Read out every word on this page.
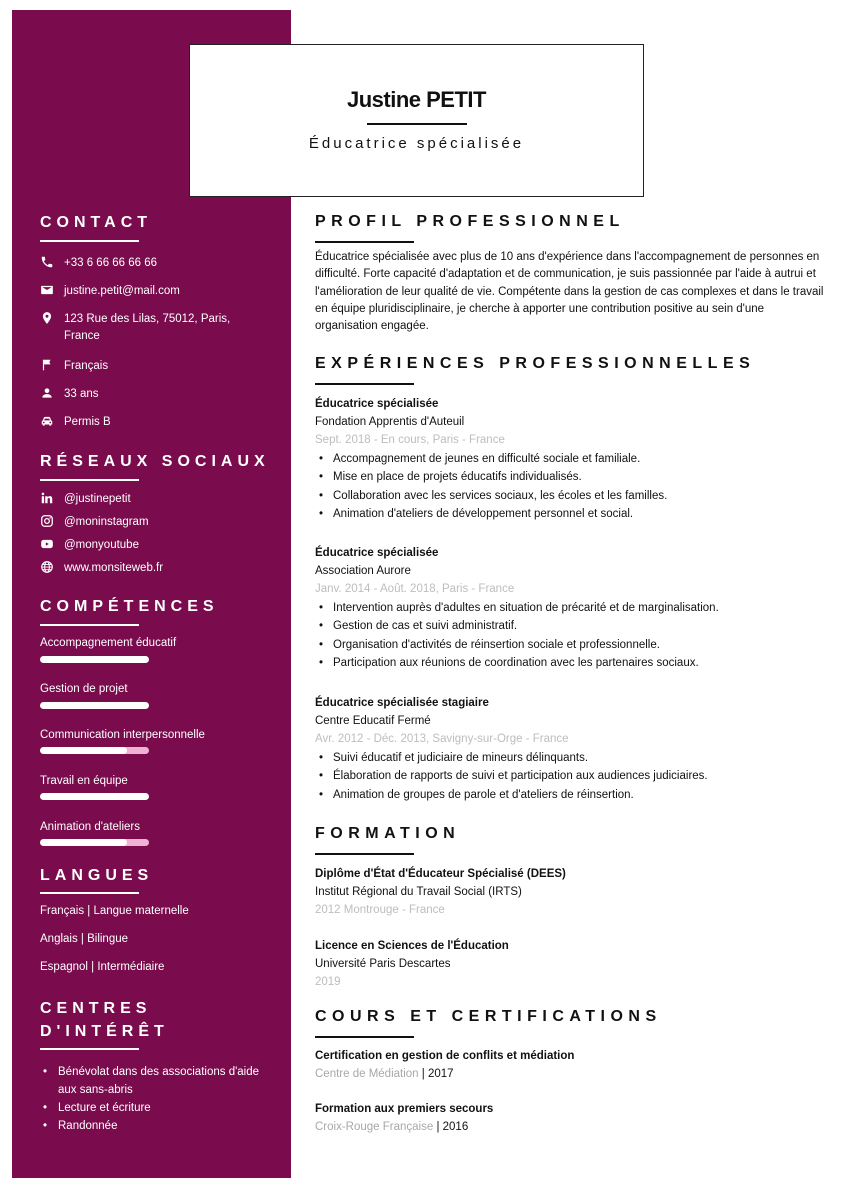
Justine PETIT
Éducatrice spécialisée
CONTACT
+33 6 66 66 66 66
justine.petit@mail.com
123 Rue des Lilas, 75012, Paris, France
Français
33 ans
Permis B
RÉSEAUX SOCIAUX
@justinepetit
@moninstagram
@monyoutube
www.monsiteweb.fr
COMPÉTENCES
Accompagnement éducatif
Gestion de projet
Communication interpersonnelle
Travail en équipe
Animation d'ateliers
LANGUES
Français | Langue maternelle
Anglais | Bilingue
Espagnol | Intermédiaire
CENTRES
D'INTÉRÊT
• Bénévolat dans des associations d'aide aux sans-abris
• Lecture et écriture
• Randonnée
PROFIL PROFESSIONNEL
Éducatrice spécialisée avec plus de 10 ans d'expérience dans l'accompagnement de personnes en difficulté. Forte capacité d'adaptation et de communication, je suis passionnée par l'aide à autrui et l'amélioration de leur qualité de vie. Compétente dans la gestion de cas complexes et dans le travail en équipe pluridisciplinaire, je cherche à apporter une contribution positive au sein d'une organisation engagée.
EXPÉRIENCES PROFESSIONNELLES
Éducatrice spécialisée
Fondation Apprentis d'Auteuil
Sept. 2018 - En cours, Paris - France
• Accompagnement de jeunes en difficulté sociale et familiale.
• Mise en place de projets éducatifs individualisés.
• Collaboration avec les services sociaux, les écoles et les familles.
• Animation d'ateliers de développement personnel et social.
Éducatrice spécialisée
Association Aurore
Janv. 2014 - Août. 2018, Paris - France
• Intervention auprès d'adultes en situation de précarité et de marginalisation.
• Gestion de cas et suivi administratif.
• Organisation d'activités de réinsertion sociale et professionnelle.
• Participation aux réunions de coordination avec les partenaires sociaux.
Éducatrice spécialisée stagiaire
Centre Educatif Fermé
Avr. 2012 - Déc. 2013, Savigny-sur-Orge - France
• Suivi éducatif et judiciaire de mineurs délinquants.
• Élaboration de rapports de suivi et participation aux audiences judiciaires.
• Animation de groupes de parole et d'ateliers de réinsertion.
FORMATION
Diplôme d'État d'Éducateur Spécialisé (DEES)
Institut Régional du Travail Social (IRTS)
2012 Montrouge - France
Licence en Sciences de l'Éducation
Université Paris Descartes
2019
COURS ET CERTIFICATIONS
Certification en gestion de conflits et médiation
Centre de Médiation | 2017
Formation aux premiers secours
Croix-Rouge Française | 2016
